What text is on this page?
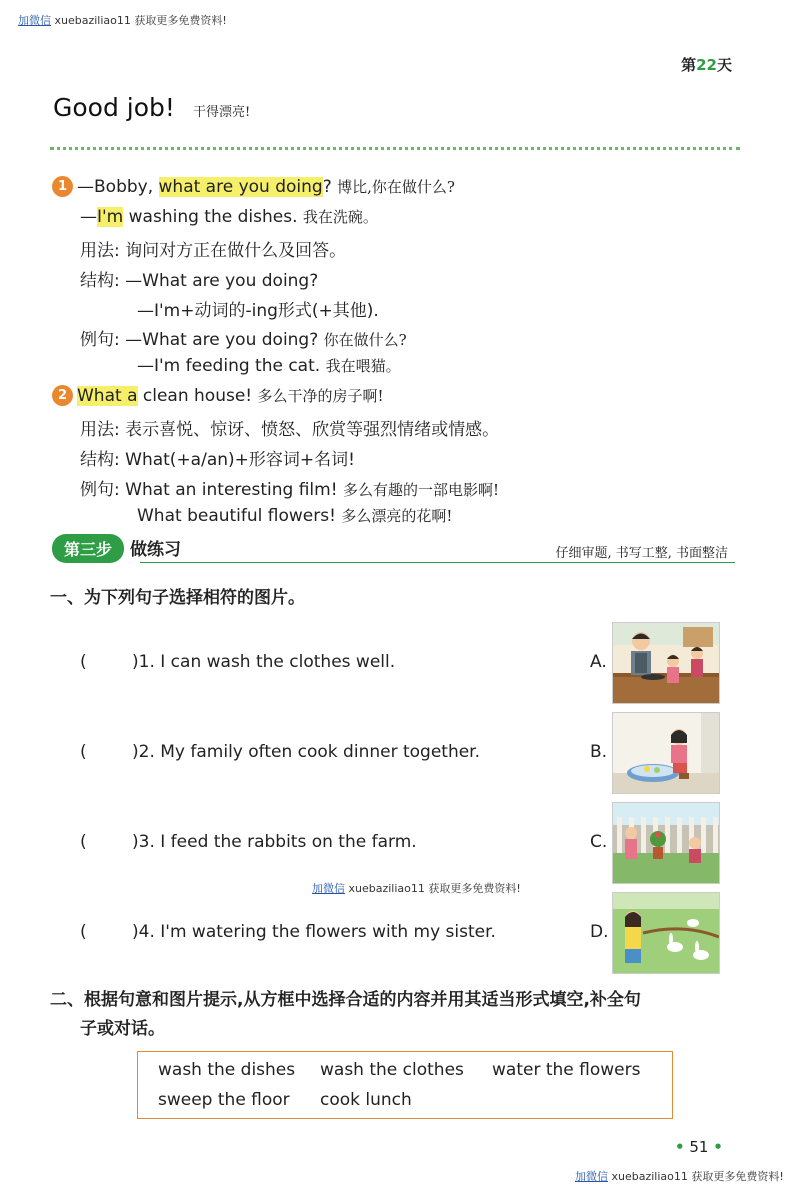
加微信 xuebaziliao11 获取更多免费资料!
加微信 xuebaziliao11 获取更多免费资料!
加微信 xuebaziliao11 获取更多免费资料!
第22天
Good job! 干得漂亮!
1 —Bobby, what are you doing? 博比,你在做什么?
—I'm washing the dishes. 我在洗碗。
用法: 询问对方正在做什么及回答。
结构: —What are you doing?
—I'm+动词的-ing形式(+其他).
例句: —What are you doing? 你在做什么?
—I'm feeding the cat. 我在喂猫。
2 What a clean house! 多么干净的房子啊!
用法: 表示喜悦、惊讶、愤怒、欣赏等强烈情绪或情感。
结构: What(+a/an)+形容词+名词!
例句: What an interesting film! 多么有趣的一部电影啊!
What beautiful flowers! 多么漂亮的花啊!
第三步 做练习	仔细审题, 书写工整, 书面整洁
一、为下列句子选择相符的图片。
(	)1. I can wash the clothes well.	A.
(	)2. My family often cook dinner together.	B.
(	)3. I feed the rabbits on the farm.	C.
(	)4. I'm watering the flowers with my sister.	D.
二、根据句意和图片提示,从方框中选择合适的内容并用其适当形式填空,补全句
子或对话。
wash the dishes wash the clothes water the flowers
sweep the floor cook lunch
• 51 •
